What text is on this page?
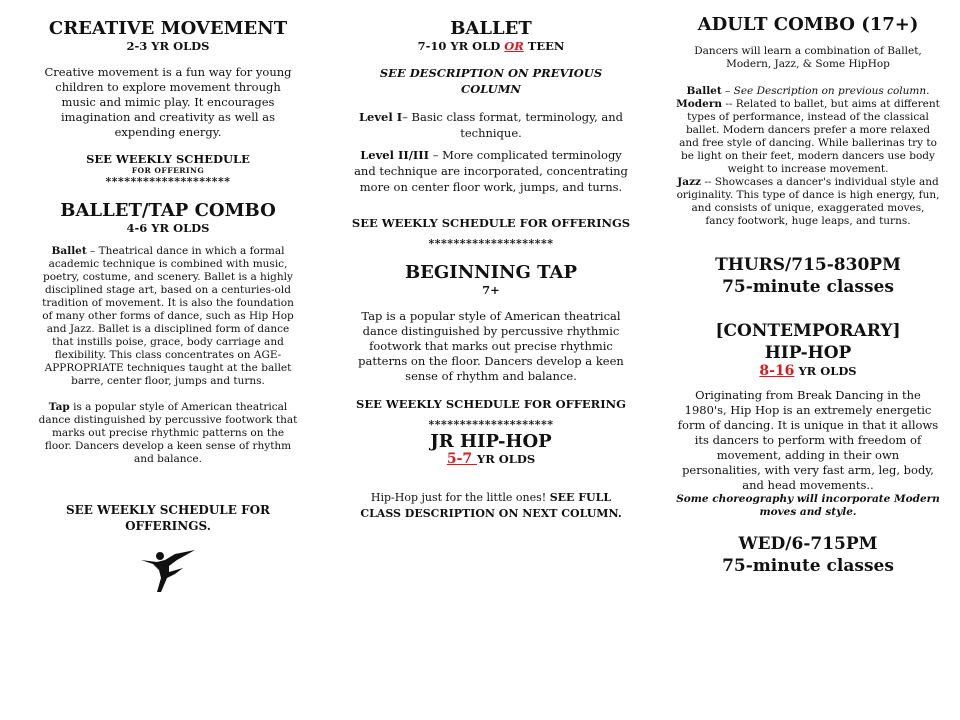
CREATIVE MOVEMENT

2-3 YR OLDS

Creative movement is a fun way for young children to explore movement through music and mimic play. It encourages imagination and creativity as well as expending energy.

SEE WEEKLY SCHEDULE

FOR OFFERING

********************

BALLET/TAP COMBO

4-6 YR OLDS

Ballet – Theatrical dance in which a formal academic technique is combined with music, poetry, costume, and scenery. Ballet is a highly disciplined stage art, based on a centuries-old tradition of movement. It is also the foundation of many other forms of dance, such as Hip Hop and Jazz. Ballet is a disciplined form of dance that instills poise, grace, body carriage and flexibility. This class concentrates on AGE-APPROPRIATE techniques taught at the ballet barre, center floor, jumps and turns.

Tap is a popular style of American theatrical dance distinguished by percussive footwork that marks out precise rhythmic patterns on the floor. Dancers develop a keen sense of rhythm and balance.

SEE WEEKLY SCHEDULE FOR OFFERINGS.

BALLET

7-10 YR OLD OR TEEN

SEE DESCRIPTION ON PREVIOUS COLUMN

Level I– Basic class format, terminology, and technique.

Level II/III – More complicated terminology and technique are incorporated, concentrating more on center floor work, jumps, and turns.

SEE WEEKLY SCHEDULE FOR OFFERINGS

********************

BEGINNING TAP

7+

Tap is a popular style of American theatrical dance distinguished by percussive rhythmic footwork that marks out precise rhythmic patterns on the floor. Dancers develop a keen sense of rhythm and balance.

SEE WEEKLY SCHEDULE FOR OFFERING

********************

JR HIP-HOP

5-7 YR OLDS

Hip-Hop just for the little ones! SEE FULL CLASS DESCRIPTION ON NEXT COLUMN.

ADULT COMBO (17+)

Dancers will learn a combination of Ballet, Modern, Jazz, & Some HipHop

Ballet – See Description on previous column.

Modern -- Related to ballet, but aims at different types of performance, instead of the classical ballet. Modern dancers prefer a more relaxed and free style of dancing. While ballerinas try to be light on their feet, modern dancers use body weight to increase movement.

Jazz -- Showcases a dancer's individual style and originality. This type of dance is high energy, fun, and consists of unique, exaggerated moves, fancy footwork, huge leaps, and turns.

THURS/715-830PM

75-minute classes

[CONTEMPORARY]

HIP-HOP

8-16 YR OLDS

Originating from Break Dancing in the 1980's, Hip Hop is an extremely energetic form of dancing. It is unique in that it allows its dancers to perform with freedom of movement, adding in their own personalities, with very fast arm, leg, body, and head movements..

Some choreography will incorporate Modern moves and style.

WED/6-715PM

75-minute classes
